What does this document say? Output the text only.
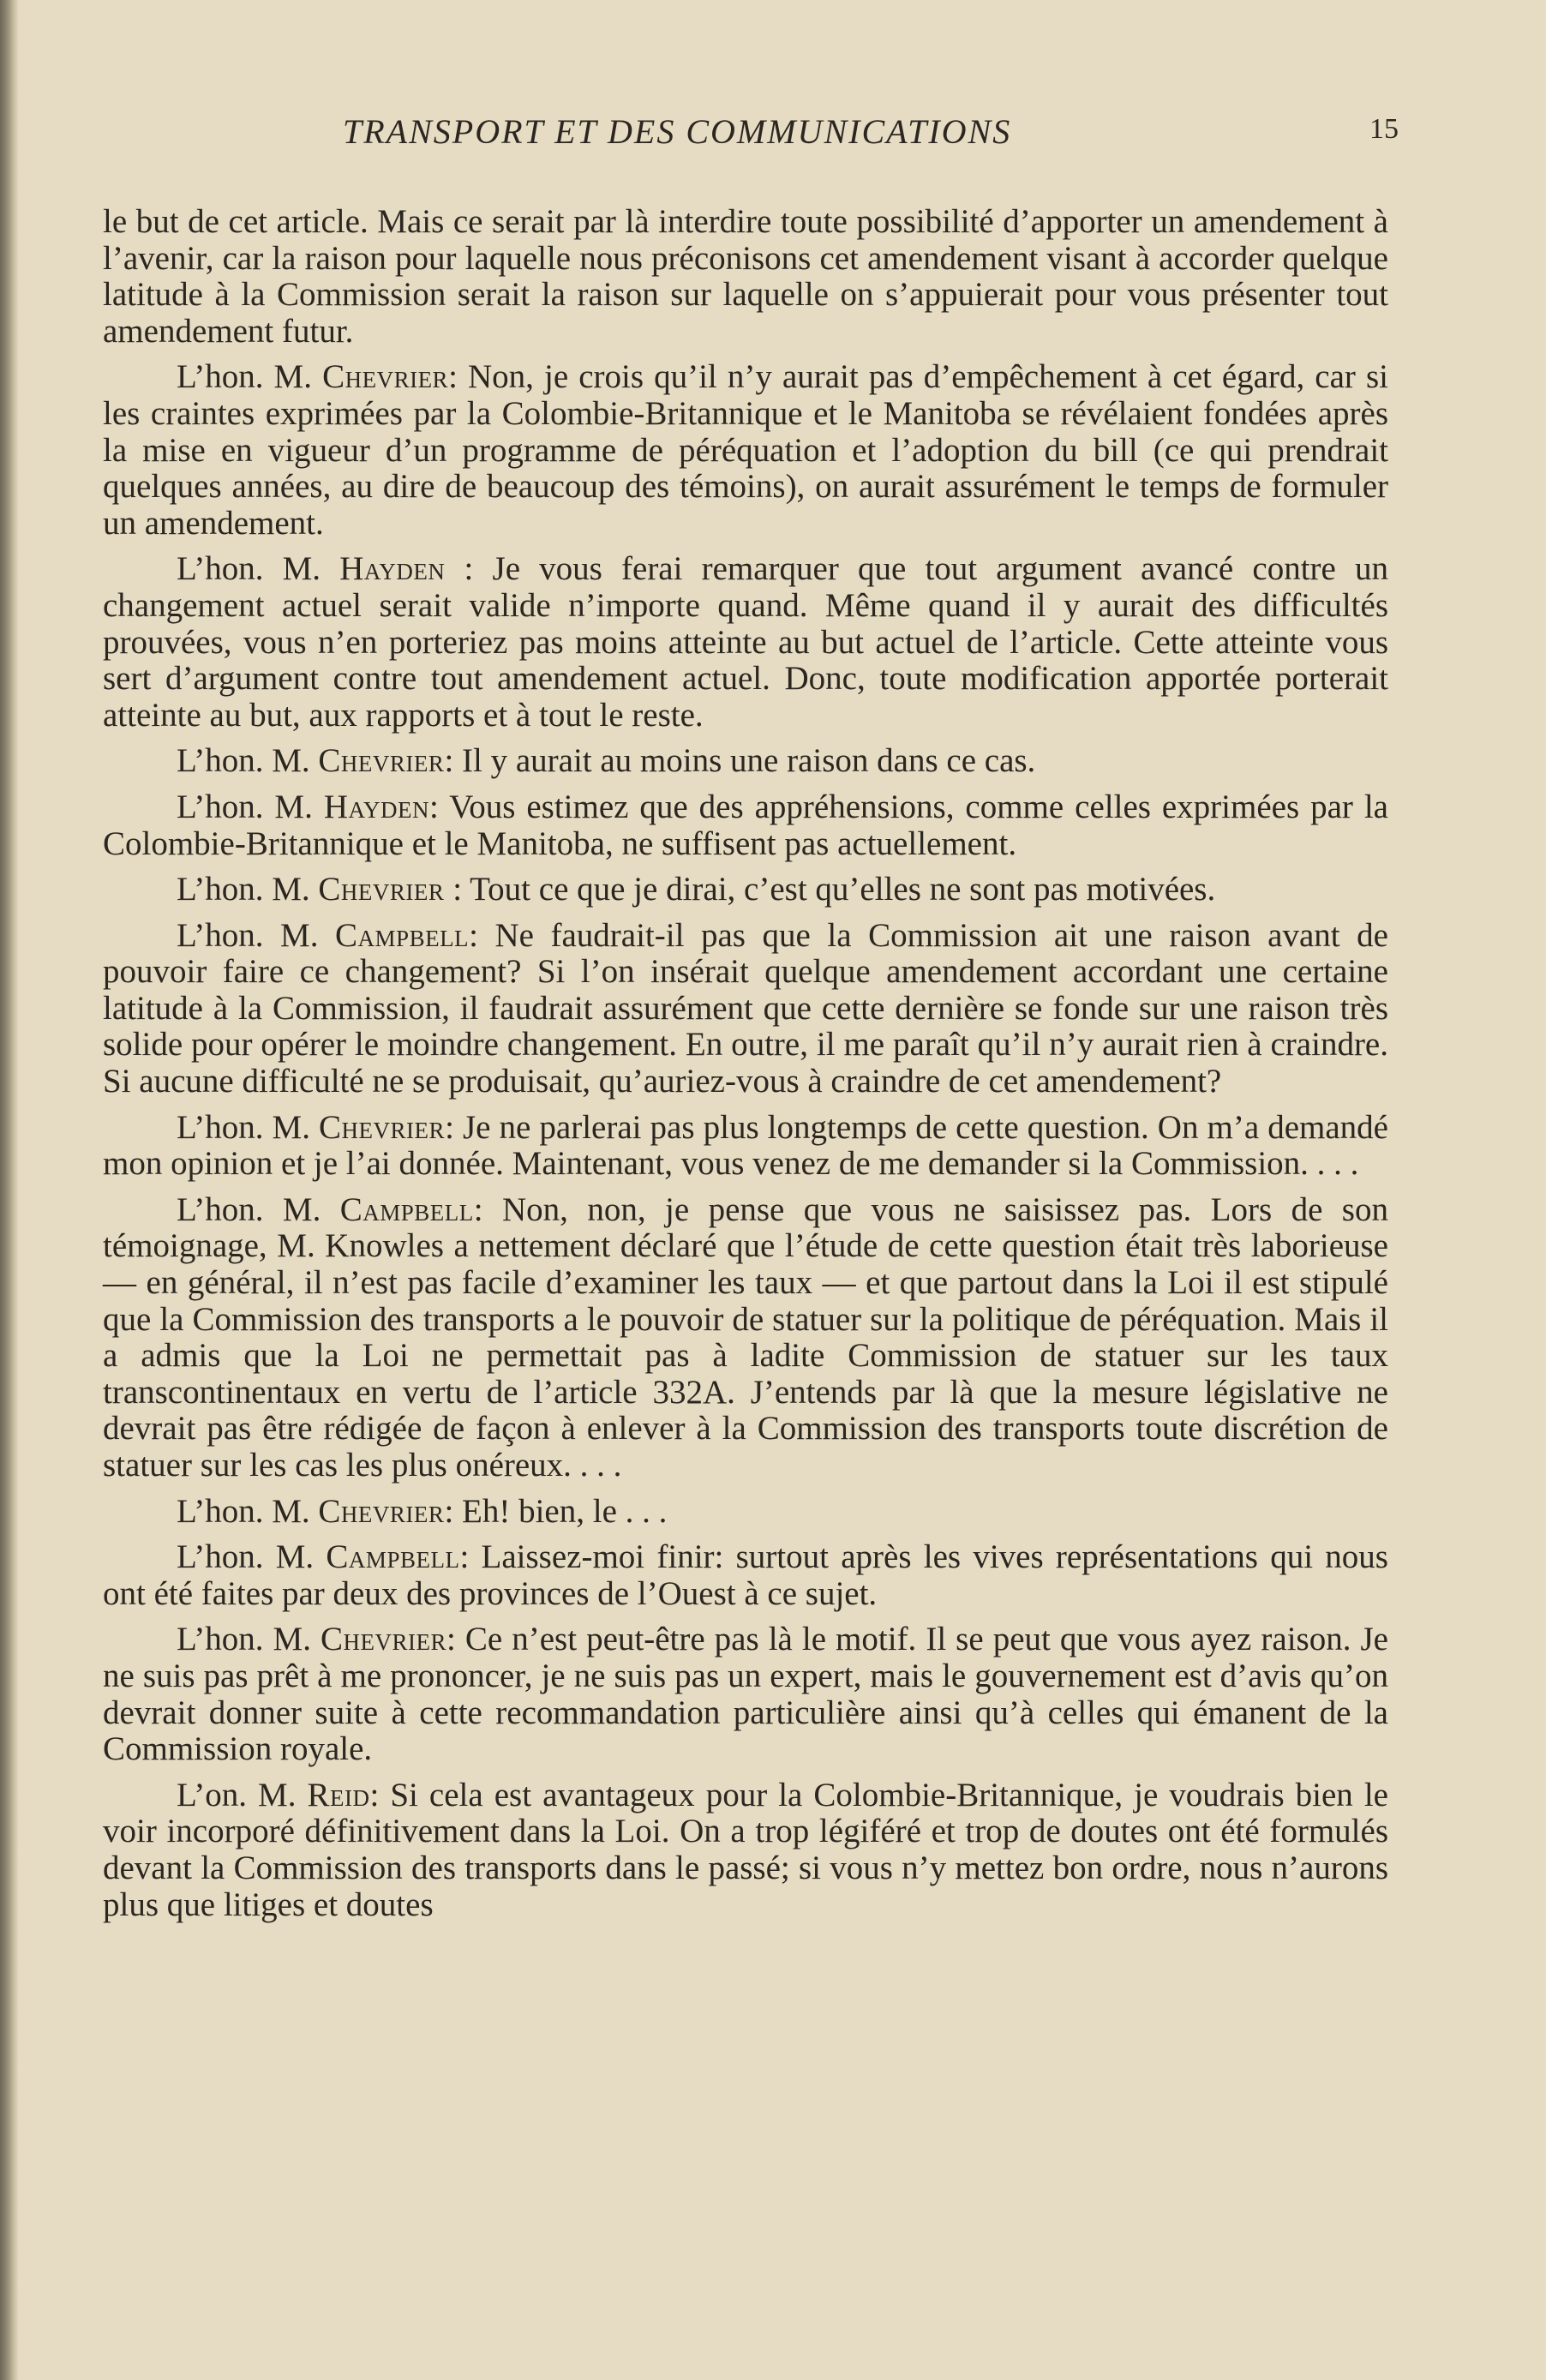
TRANSPORT ET DES COMMUNICATIONS	15

le but de cet article. Mais ce serait par là interdire toute possibilité d’apporter un amendement à l’avenir, car la raison pour laquelle nous préconisons cet amendement visant à accorder quelque latitude à la Commission serait la raison sur laquelle on s’appuierait pour vous présenter tout amendement futur.

L’hon. M. Chevrier: Non, je crois qu’il n’y aurait pas d’empêchement à cet égard, car si les craintes exprimées par la Colombie-Britannique et le Manitoba se révélaient fondées après la mise en vigueur d’un programme de péréquation et l’adoption du bill (ce qui prendrait quelques années, au dire de beaucoup des témoins), on aurait assurément le temps de formuler un amendement.

L’hon. M. Hayden : Je vous ferai remarquer que tout argument avancé contre un changement actuel serait valide n’importe quand. Même quand il y aurait des difficultés prouvées, vous n’en porteriez pas moins atteinte au but actuel de l’article. Cette atteinte vous sert d’argument contre tout amendement actuel. Donc, toute modification apportée porterait atteinte au but, aux rapports et à tout le reste.

L’hon. M. Chevrier: Il y aurait au moins une raison dans ce cas.

L’hon. M. Hayden: Vous estimez que des appréhensions, comme celles exprimées par la Colombie-Britannique et le Manitoba, ne suffisent pas actuellement.

L’hon. M. Chevrier : Tout ce que je dirai, c’est qu’elles ne sont pas motivées.

L’hon. M. Campbell: Ne faudrait-il pas que la Commission ait une raison avant de pouvoir faire ce changement? Si l’on insérait quelque amendement accordant une certaine latitude à la Commission, il faudrait assurément que cette dernière se fonde sur une raison très solide pour opérer le moindre changement. En outre, il me paraît qu’il n’y aurait rien à craindre. Si aucune difficulté ne se produisait, qu’auriez-vous à craindre de cet amendement?

L’hon. M. Chevrier: Je ne parlerai pas plus longtemps de cette question. On m’a demandé mon opinion et je l’ai donnée. Maintenant, vous venez de me demander si la Commission. . . .

L’hon. M. Campbell: Non, non, je pense que vous ne saisissez pas. Lors de son témoignage, M. Knowles a nettement déclaré que l’étude de cette question était très laborieuse — en général, il n’est pas facile d’examiner les taux — et que partout dans la Loi il est stipulé que la Commission des transports a le pouvoir de statuer sur la politique de péréquation. Mais il a admis que la Loi ne permettait pas à ladite Commission de statuer sur les taux transcontinentaux en vertu de l’article 332A. J’entends par là que la mesure législative ne devrait pas être rédigée de façon à enlever à la Commission des transports toute discrétion de statuer sur les cas les plus onéreux. . . .

L’hon. M. Chevrier: Eh! bien, le . . .

L’hon. M. Campbell: Laissez-moi finir: surtout après les vives représentations qui nous ont été faites par deux des provinces de l’Ouest à ce sujet.

L’hon. M. Chevrier: Ce n’est peut-être pas là le motif. Il se peut que vous ayez raison. Je ne suis pas prêt à me prononcer, je ne suis pas un expert, mais le gouvernement est d’avis qu’on devrait donner suite à cette recommandation particulière ainsi qu’à celles qui émanent de la Commission royale.

L’on. M. Reid: Si cela est avantageux pour la Colombie-Britannique, je voudrais bien le voir incorporé définitivement dans la Loi. On a trop légiféré et trop de doutes ont été formulés devant la Commission des transports dans le passé; si vous n’y mettez bon ordre, nous n’aurons plus que litiges et doutes
